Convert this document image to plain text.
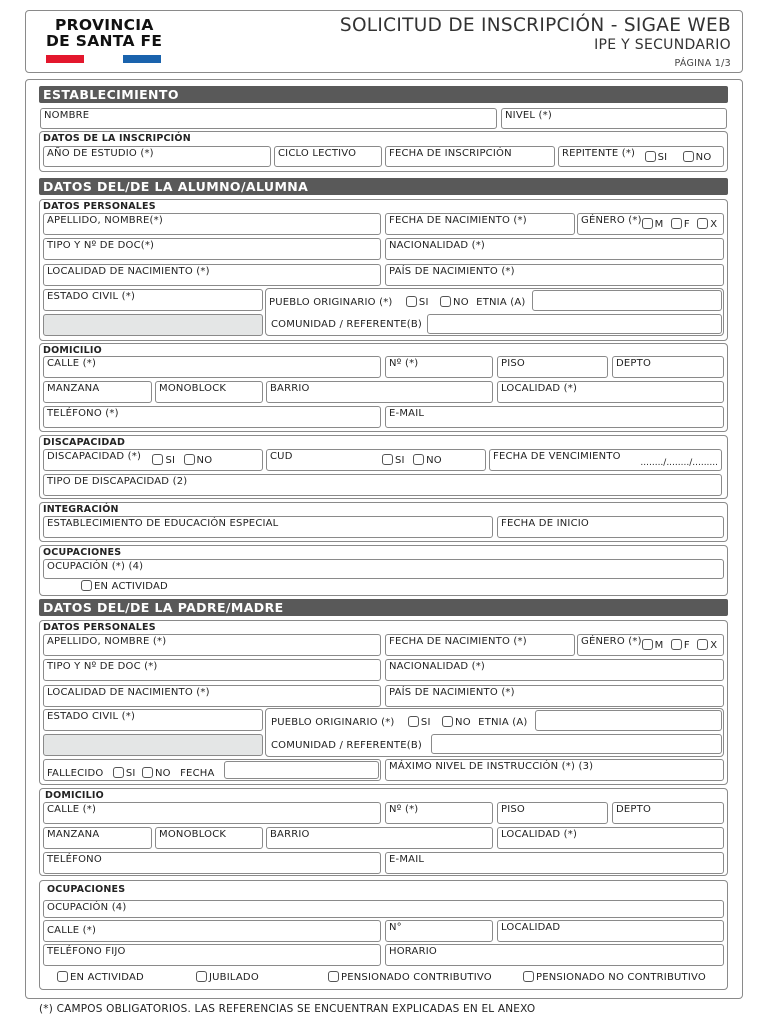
PROVINCIA
DE SANTA FE
SOLICITUD DE INSCRIPCIÓN - SIGAE WEB
IPE Y SECUNDARIO
PÁGINA 1/3
ESTABLECIMIENTO
NOMBRE	NIVEL (*)
DATOS DE LA INSCRIPCIÓN
AÑO DE ESTUDIO (*)	CICLO LECTIVO	FECHA DE INSCRIPCIÓN	REPITENTE (*) SI	NO
DATOS DEL/DE LA ALUMNO/ALUMNA
DATOS PERSONALES
APELLIDO, NOMBRE(*)	FECHA DE NACIMIENTO (*)	GÉNERO (*) M F X
TIPO Y Nº DE DOC(*)	NACIONALIDAD (*)
LOCALIDAD DE NACIMIENTO (*)	PAÍS DE NACIMIENTO (*)
ESTADO CIVIL (*)
PUEBLO ORIGINARIO (*)	SI NO ETNIA (A)
COMUNIDAD / REFERENTE(B)
DOMICILIO
CALLE (*)	Nº (*)	PISO	DEPTO
MANZANA	MONOBLOCK	BARRIO	LOCALIDAD (*)
TELÉFONO (*)	E-MAIL
DISCAPACIDAD
DISCAPACIDAD (*) SI NO	CUD	SI NO	FECHA DE VENCIMIENTO
......../......../.........
TIPO DE DISCAPACIDAD (2)
INTEGRACIÓN
ESTABLECIMIENTO DE EDUCACIÓN ESPECIAL	FECHA DE INICIO
OCUPACIONES
OCUPACIÓN (*) (4)
EN ACTIVIDAD
DATOS DEL/DE LA PADRE/MADRE
DATOS PERSONALES
APELLIDO, NOMBRE (*)	FECHA DE NACIMIENTO (*)	GÉNERO (*) M F X
TIPO Y Nº DE DOC (*)	NACIONALIDAD (*)
LOCALIDAD DE NACIMIENTO (*)	PAÍS DE NACIMIENTO (*)
ESTADO CIVIL (*)
PUEBLO ORIGINARIO (*)	SI NO ETNIA (A)
COMUNIDAD / REFERENTE(B)
FALLECIDO SI NO FECHA
MÁXIMO NIVEL DE INSTRUCCIÓN (*) (3)
DOMICILIO
CALLE (*)	Nº (*)	PISO	DEPTO
MANZANA	MONOBLOCK	BARRIO	LOCALIDAD (*)
TELÉFONO	E-MAIL
OCUPACIONES
OCUPACIÓN (4)
CALLE (*)	N°	LOCALIDAD
TELÉFONO FIJO	HORARIO
EN ACTIVIDAD	JUBILADO	PENSIONADO CONTRIBUTIVO	PENSIONADO NO CONTRIBUTIVO
(*) CAMPOS OBLIGATORIOS. LAS REFERENCIAS SE ENCUENTRAN EXPLICADAS EN EL ANEXO
